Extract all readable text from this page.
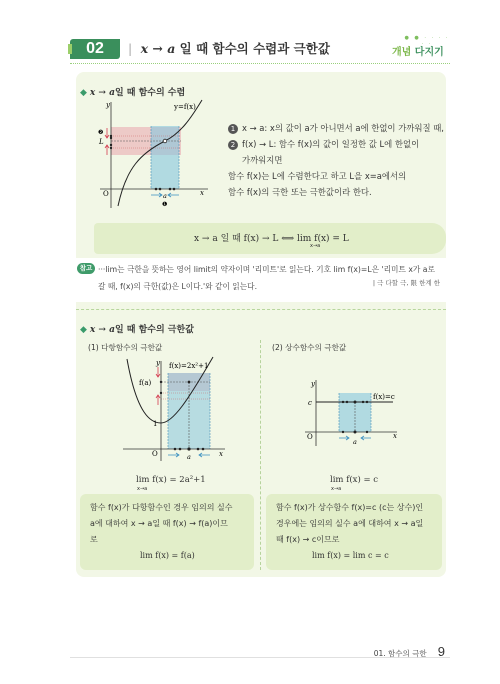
02	| x → a 일 때 함수의 수렴과 극한값
● ● · · · · · ·
개념 다지기
◆ x → a일 때 함수의 수렴
y=f(x)
y
x
O
L
a
❷
❶
1 x → a: x의 값이 a가 아니면서 a에 한없이 가까워질 때,
2 f(x) → L: 함수 f(x)의 값이 일정한 값 L에 한없이
가까워지면
함수 f(x)는 L에 수렴한다고 하고 L을 x=a에서의
함수 f(x)의 극한 또는 극한값이라 한다.
x → a 일 때 f(x) → L ⟺ lim f(x) = L
x→a
참고 ···lim는 극한을 뜻하는 영어 limit의 약자이며 '리미트'로 읽는다. 기호 lim f(x)=L은 '리미트 x가 a로
갈 때, f(x)의 극한(값)은 L이다.'와 같이 읽는다.	| 극 다할 극, 限 한계 한
◆ x → a일 때 함수의 극한값
(1) 다항함수의 극한값	(2) 상수함수의 극한값
f(x)=2x²+1
y
x
O
f(a)
1
a
y
x
O
c
a
f(x)=c
lim f(x) = 2a²+1
x→a
lim f(x) = c
x→a
함수 f(x)가 다항함수인 경우 임의의 실수
a에 대하여 x → a일 때 f(x) → f(a)이므
로
lim f(x) = f(a)
함수 f(x)가 상수함수 f(x)=c (c는 상수)인
경우에는 임의의 실수 a에 대하여 x → a일
때 f(x) → c이므로
lim f(x) = lim c = c
01. 함수의 극한 9
